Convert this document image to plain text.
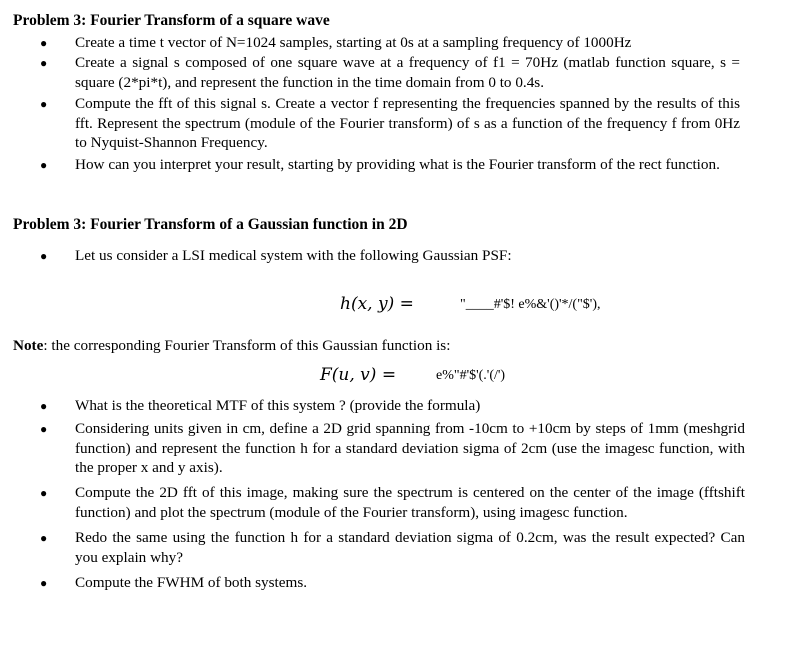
Problem 3: Fourier Transform of a square wave
● Create a time t vector of N=1024 samples, starting at 0s at a sampling frequency of 1000Hz
● Create a signal s composed of one square wave at a frequency of f1 = 70Hz (matlab function square, s = square (2*pi*t), and represent the function in the time domain from 0 to 0.4s.
● Compute the fft of this signal s. Create a vector f representing the frequencies spanned by the results of this fft. Represent the spectrum (module of the Fourier transform) of s as a function of the frequency f from 0Hz to Nyquist-Shannon Frequency.
● How can you interpret your result, starting by providing what is the Fourier transform of the rect function.
Problem 3: Fourier Transform of a Gaussian function in 2D
● Let us consider a LSI medical system with the following Gaussian PSF:
h(x, y) =	"____#'$! e%&'()'*/("$'),
Note: the corresponding Fourier Transform of this Gaussian function is:
F(u, v) =	e%"#'$'(.'(/')
● What is the theoretical MTF of this system ? (provide the formula)
● Considering units given in cm, define a 2D grid spanning from -10cm to +10cm by steps of 1mm (meshgrid function) and represent the function h for a standard deviation sigma of 2cm (use the imagesc function, with the proper x and y axis).
● Compute the 2D fft of this image, making sure the spectrum is centered on the center of the image (fftshift function) and plot the spectrum (module of the Fourier transform), using imagesc function.
● Redo the same using the function h for a standard deviation sigma of 0.2cm, was the result expected? Can you explain why?
● Compute the FWHM of both systems.
